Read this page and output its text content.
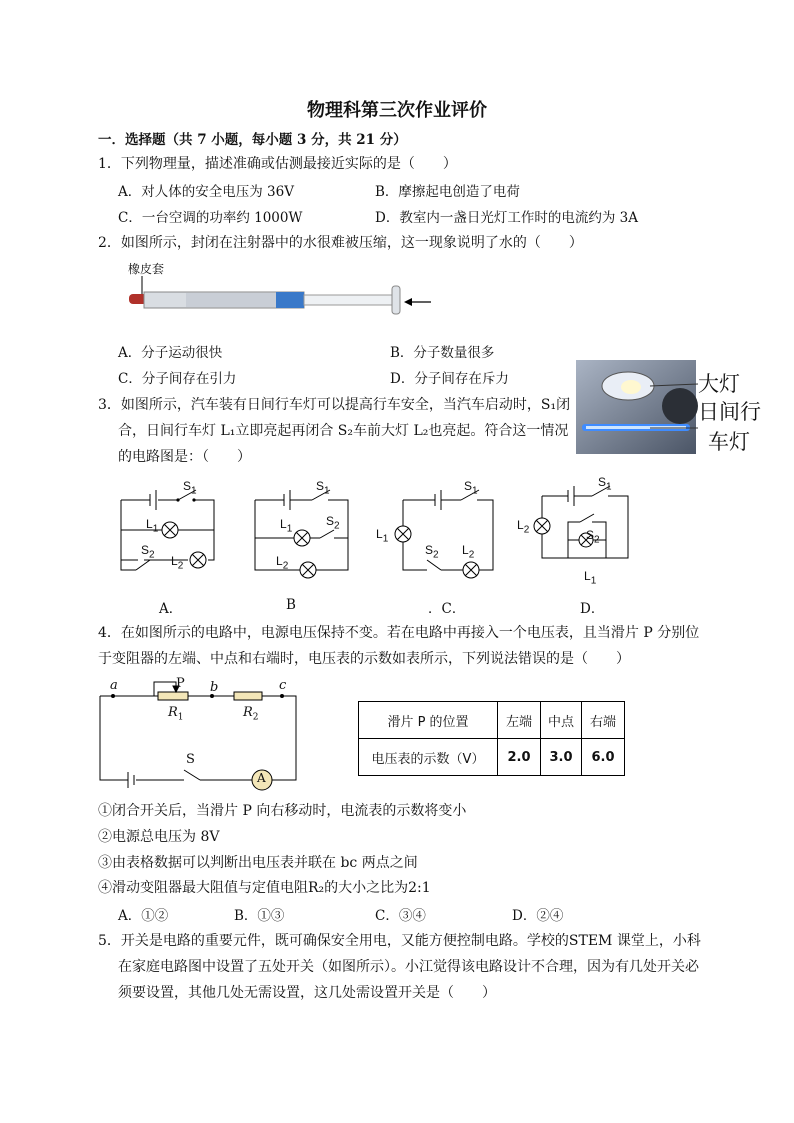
物理科第三次作业评价
一．选择题（共 7 小题，每小题 3 分，共 21 分）
1．下列物理量，描述准确或估测最接近实际的是（　　）
A．对人体的安全电压为 36V	B．摩擦起电创造了电荷
C．一台空调的功率约 1000W	D．教室内一盏日光灯工作时的电流约为 3A
2．如图所示，封闭在注射器中的水很难被压缩，这一现象说明了水的（　　）
橡皮套
A．分子运动很快	B．分子数量很多
C．分子间存在引力	D．分子间存在斥力
3．如图所示，汽车装有日间行车灯可以提高行车安全，当汽车启动时，S₁闭
合，日间行车灯 L₁立即亮起再闭合 S₂车前大灯 L₂也亮起。符合这一情况
的电路图是：（　　）
大灯
日间行
车灯
$S_1$
$L_1$
$S_2$ $L_2$
$S_1$
$L_1$
$S_2$
$L_2$
$S_1$
$L_1$
$S_2$ $L_2$
$S_1$
$L_2$	$S_2$
$L_1$
A．	B	．C．	D．
4．在如图所示的电路中，电源电压保持不变。若在电路中再接入一个电压表，且当滑片 P 分别位
于变阻器的左端、中点和右端时，电压表的示数如表所示，下列说法错误的是（　　）
a	P b	c
$R_1$	$R_2$
S
A
滑片 P 的位置	左端	中点	右端
电压表的示数（V）	2.0	3.0	6.0
①闭合开关后，当滑片 P 向右移动时，电流表的示数将变小
②电源总电压为 8V
③由表格数据可以判断出电压表并联在 bc 两点之间
④滑动变阻器最大阻值与定值电阻R₂的大小之比为2:1
A．①②	B．①③	C．③④	D．②④
5．开关是电路的重要元件，既可确保安全用电，又能方便控制电路。学校的STEM 课堂上，小科
在家庭电路图中设置了五处开关（如图所示）。小江觉得该电路设计不合理，因为有几处开关必
须要设置，其他几处无需设置，这几处需设置开关是（　　）
